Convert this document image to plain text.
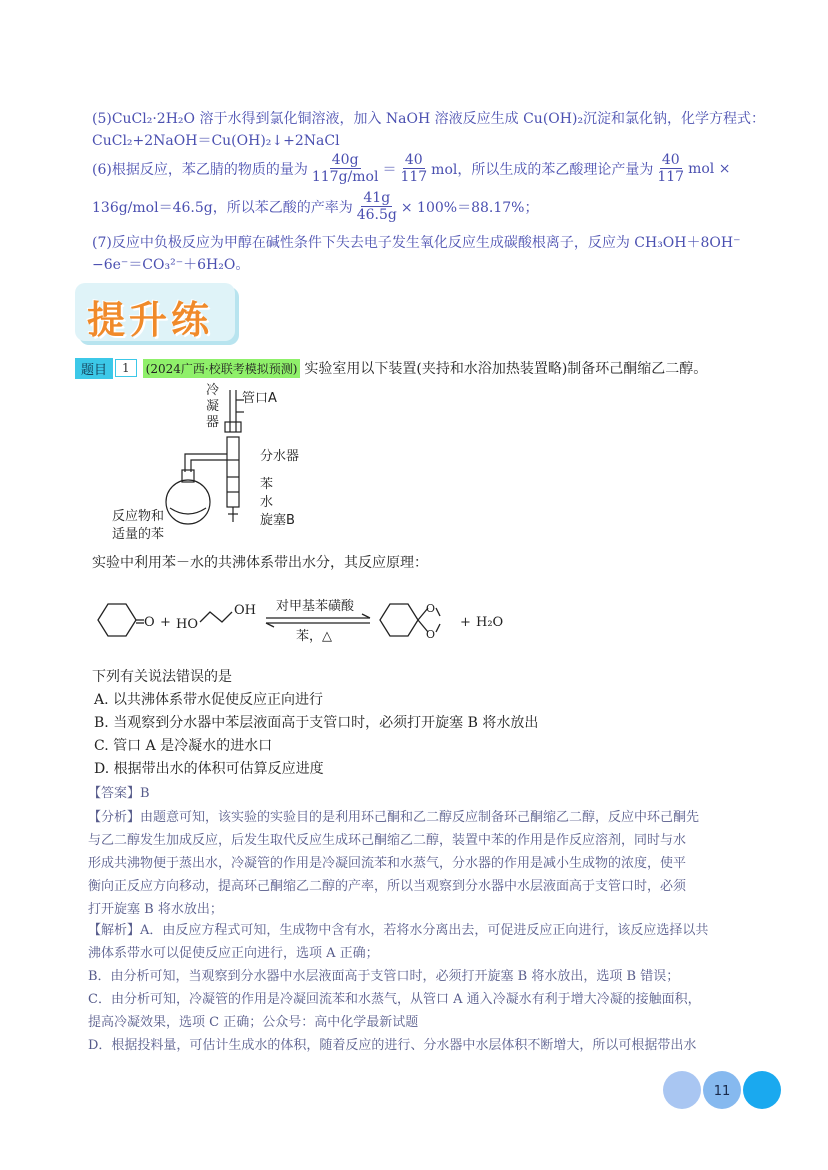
(5)CuCl₂·2H₂O 溶于水得到氯化铜溶液，加入 NaOH 溶液反应生成 Cu(OH)₂沉淀和氯化钠，化学方程式：
CuCl₂+2NaOH＝Cu(OH)₂↓+2NaCl
(6)根据反应，苯乙腈的物质的量为 $\frac{40g}{\text{117g/mol}} = \frac{40}{117}$ mol，所以生成的苯乙酸理论产量为 $\frac{40}{117}$ mol ×
136g/mol＝46.5g，所以苯乙酸的产率为 $\frac{41g}{46.5g} \times 100\%=88.17\%$；
(7)反应中负极反应为甲醇在碱性条件下失去电子发生氧化反应生成碳酸根离子，反应为 CH₃OH＋8OH⁻
−6e⁻＝CO₃²⁻＋6H₂O。
提升练
题目	1	(2024广西·校联考模拟预测) 实验室用以下装置(夹持和水浴加热装置略)制备环己酮缩乙二醇。
冷
凝
器
管口A
分水器
苯
水
旋塞B
反应物和
适量的苯
实验中利用苯－水的共沸体系带出水分，其反应原理：
O + HO
OH 对甲基苯磺酸
苯，△
O
O
+ H₂O
下列有关说法错误的是
A. 以共沸体系带水促使反应正向进行
B. 当观察到分水器中苯层液面高于支管口时，必须打开旋塞 B 将水放出
C. 管口 A 是冷凝水的进水口
D. 根据带出水的体积可估算反应进度
【答案】B
【分析】由题意可知，该实验的实验目的是利用环己酮和乙二醇反应制备环己酮缩乙二醇，反应中环己酮先
与乙二醇发生加成反应，后发生取代反应生成环己酮缩乙二醇，装置中苯的作用是作反应溶剂，同时与水
形成共沸物便于蒸出水，冷凝管的作用是冷凝回流苯和水蒸气，分水器的作用是减小生成物的浓度，使平
衡向正反应方向移动，提高环己酮缩乙二醇的产率，所以当观察到分水器中水层液面高于支管口时，必须
打开旋塞 B 将水放出；
【解析】A．由反应方程式可知，生成物中含有水，若将水分离出去，可促进反应正向进行，该反应选择以共
沸体系带水可以促使反应正向进行，选项 A 正确；
B．由分析可知，当观察到分水器中水层液面高于支管口时，必须打开旋塞 B 将水放出，选项 B 错误；
C．由分析可知，冷凝管的作用是冷凝回流苯和水蒸气，从管口 A 通入冷凝水有利于增大冷凝的接触面积，
提高冷凝效果，选项 C 正确；公众号：高中化学最新试题
D．根据投料量，可估计生成水的体积，随着反应的进行、分水器中水层体积不断增大，所以可根据带出水
11
